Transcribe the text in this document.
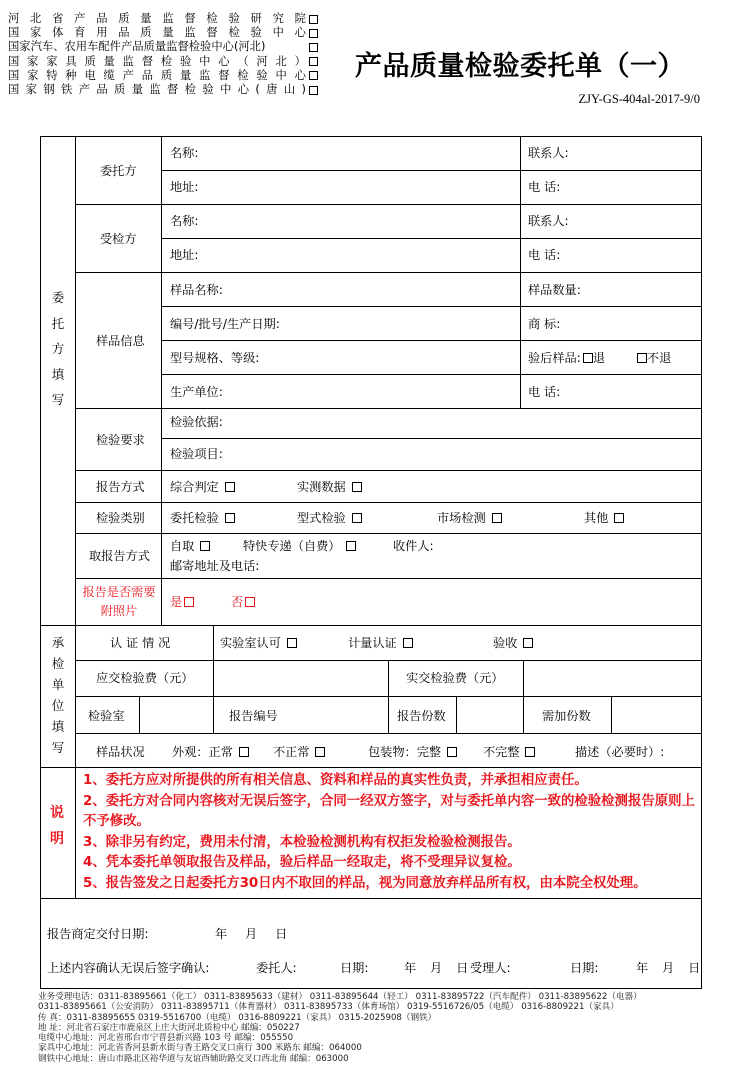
河 北 省 产 品 质 量 监 督 检 验 研 究 院
国 家 体 育 用 品 质 量 监 督 检 验 中 心
国家汽车、农用车配件产品质量监督检验中心(河北)
国 家 家 具 质 量 监 督 检 验 中 心 （ 河 北 ）
国 家 特 种 电 缆 产 品 质 量 监 督 检 验 中 心
国 家 钢 铁 产 品 质 量 监 督 检 验 中 心 ( 唐 山 )
产品质量检验委托单（一）
ZJY-GS-404al-2017-9/0
委托方填写
承检单位填写
说明
委托方
名称:	联系人:
地址:	电 话:
受检方
名称:	联系人:
地址:	电 话:
样品信息
样品名称:	样品数量:
编号/批号/生产日期:	商 标:
型号规格、等级:	验后样品: 退	不退
生产单位:	电 话:
检验要求
检验依据:
检验项目:
报告方式 综合判定	实测数据
检验类别 委托检验	型式检验	市场检测	其他
取报告方式
自取	特快专递（自费）	收件人:
邮寄地址及电话:
报告是否需要附照片
是	否
认 证 情 况	实验室认可	计量认证	验收
应交检验费（元）	实交检验费（元）
检验室	报告编号	报告份数	需加份数
样品状况 外观：正常	不正常	包装物：完整	不完整	描述（必要时）:
1、委托方应对所提供的所有相关信息、资料和样品的真实性负责，并承担相应责任。
2、委托方对合同内容核对无误后签字，合同一经双方签字，对与委托单内容一致的检验检测报告原则上不予修改。
3、除非另有约定，费用未付清，本检验检测机构有权拒发检验检测报告。
4、凭本委托单领取报告及样品，验后样品一经取走，将不受理异议复检。
5、报告签发之日起委托方30日内不取回的样品，视为同意放弃样品所有权，由本院全权处理。
报告商定交付日期:	年 月 日
上述内容确认无误后签字确认:	委托人:	日期:	年 月 日 受理人:	日期:	年 月 日
业务受理电话：0311-83895661（化工） 0311-83895633（建材） 0311-83895644（轻工） 0311-83895722（汽车配件） 0311-83895622（电器）
0311-83895661（公安消防） 0311-83895711（体育器材） 0311-83895733（体育场馆） 0319-5516726/05（电缆） 0316-8809221（家具）
传 真：0311-83895655 0319-5516700（电缆） 0316-8809221（家具） 0315-2025908（钢铁）
地 址：河北省石家庄市鹿泉区上庄大街河北质检中心 邮编：050227
电缆中心地址：河北省邢台市宁晋县新兴路 103 号 邮编：055550
家具中心地址：河北省香河县新水街与香王路交叉口南行 300 米路东 邮编：064000
钢铁中心地址：唐山市路北区裕华道与友谊西辅助路交叉口西北角 邮编：063000
